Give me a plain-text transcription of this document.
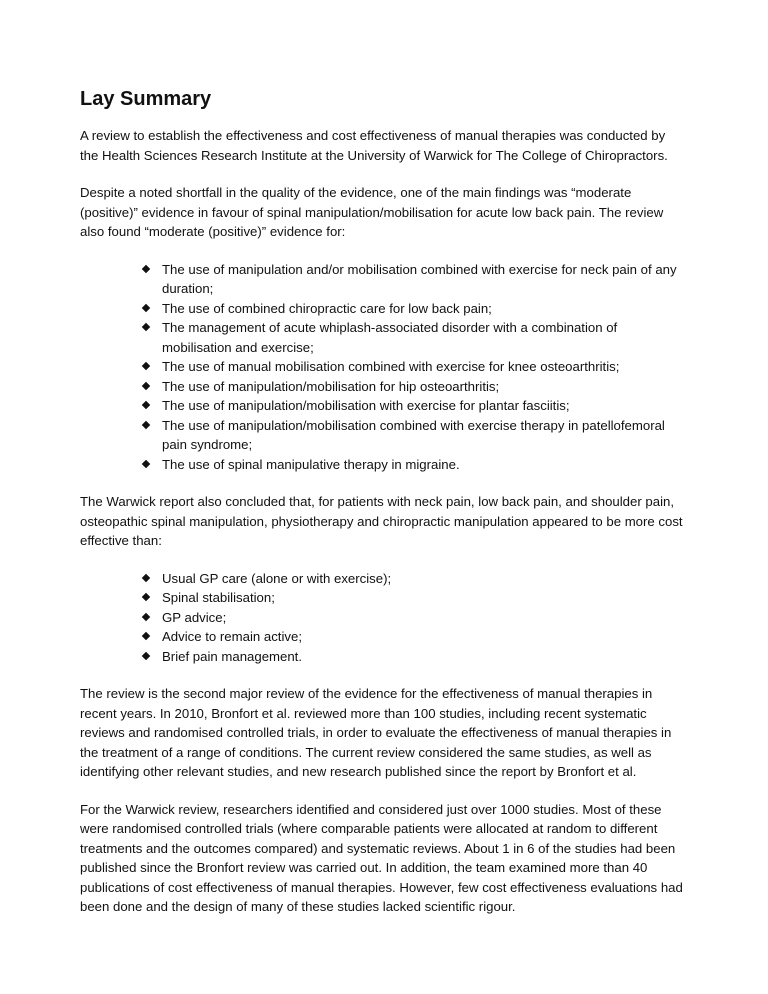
Lay Summary

A review to establish the effectiveness and cost effectiveness of manual therapies was conducted by the Health Sciences Research Institute at the University of Warwick for The College of Chiropractors.

Despite a noted shortfall in the quality of the evidence, one of the main findings was “moderate (positive)” evidence in favour of spinal manipulation/mobilisation for acute low back pain. The review also found “moderate (positive)” evidence for:

The use of manipulation and/or mobilisation combined with exercise for neck pain of any duration;
The use of combined chiropractic care for low back pain;
The management of acute whiplash-associated disorder with a combination of mobilisation and exercise;
The use of manual mobilisation combined with exercise for knee osteoarthritis;
The use of manipulation/mobilisation for hip osteoarthritis;
The use of manipulation/mobilisation with exercise for plantar fasciitis;
The use of manipulation/mobilisation combined with exercise therapy in patellofemoral pain syndrome;
The use of spinal manipulative therapy in migraine.

The Warwick report also concluded that, for patients with neck pain, low back pain, and shoulder pain, osteopathic spinal manipulation, physiotherapy and chiropractic manipulation appeared to be more cost effective than:

Usual GP care (alone or with exercise);
Spinal stabilisation;
GP advice;
Advice to remain active;
Brief pain management.

The review is the second major review of the evidence for the effectiveness of manual therapies in recent years. In 2010, Bronfort et al. reviewed more than 100 studies, including recent systematic reviews and randomised controlled trials, in order to evaluate the effectiveness of manual therapies in the treatment of a range of conditions. The current review considered the same studies, as well as identifying other relevant studies, and new research published since the report by Bronfort et al.

For the Warwick review, researchers identified and considered just over 1000 studies. Most of these were randomised controlled trials (where comparable patients were allocated at random to different treatments and the outcomes compared) and systematic reviews. About 1 in 6 of the studies had been published since the Bronfort review was carried out. In addition, the team examined more than 40 publications of cost effectiveness of manual therapies. However, few cost effectiveness evaluations had been done and the design of many of these studies lacked scientific rigour.
